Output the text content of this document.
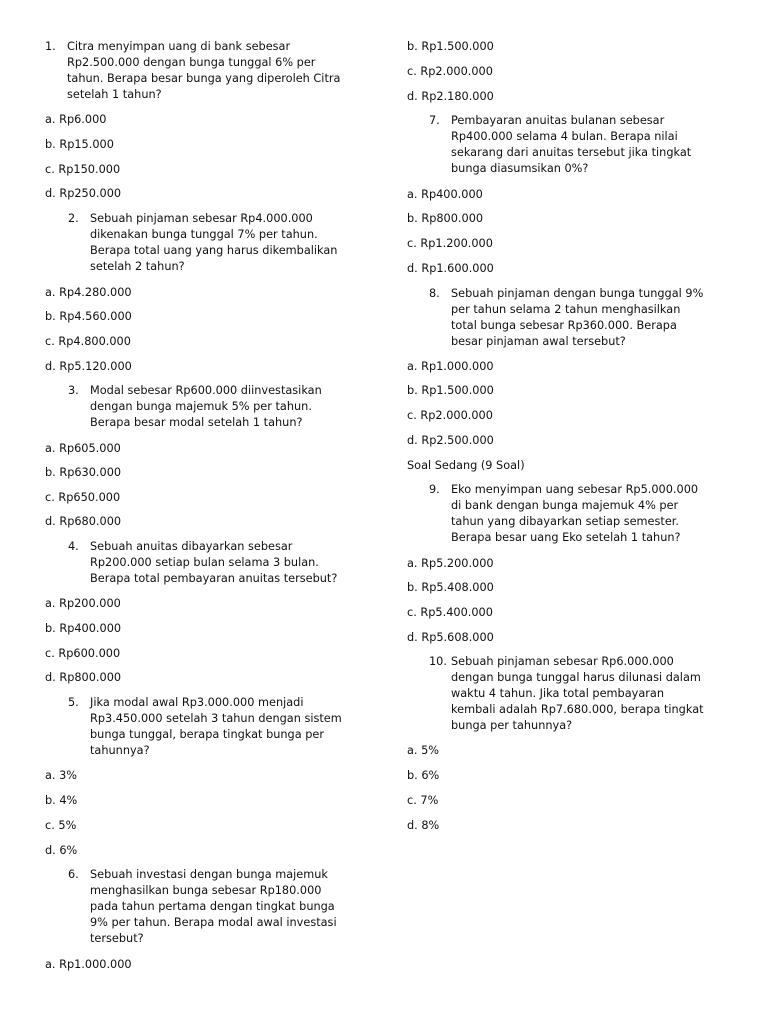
1. Citra menyimpan uang di bank sebesar
Rp2.500.000 dengan bunga tunggal 6% per
tahun. Berapa besar bunga yang diperoleh Citra
setelah 1 tahun?
a. Rp6.000
b. Rp15.000
c. Rp150.000
d. Rp250.000
2. Sebuah pinjaman sebesar Rp4.000.000
dikenakan bunga tunggal 7% per tahun.
Berapa total uang yang harus dikembalikan
setelah 2 tahun?
a. Rp4.280.000
b. Rp4.560.000
c. Rp4.800.000
d. Rp5.120.000
3. Modal sebesar Rp600.000 diinvestasikan
dengan bunga majemuk 5% per tahun.
Berapa besar modal setelah 1 tahun?
a. Rp605.000
b. Rp630.000
c. Rp650.000
d. Rp680.000
4. Sebuah anuitas dibayarkan sebesar
Rp200.000 setiap bulan selama 3 bulan.
Berapa total pembayaran anuitas tersebut?
a. Rp200.000
b. Rp400.000
c. Rp600.000
d. Rp800.000
5. Jika modal awal Rp3.000.000 menjadi
Rp3.450.000 setelah 3 tahun dengan sistem
bunga tunggal, berapa tingkat bunga per
tahunnya?
a. 3%
b. 4%
c. 5%
d. 6%
6. Sebuah investasi dengan bunga majemuk
menghasilkan bunga sebesar Rp180.000
pada tahun pertama dengan tingkat bunga
9% per tahun. Berapa modal awal investasi
tersebut?
a. Rp1.000.000
b. Rp1.500.000
c. Rp2.000.000
d. Rp2.180.000
7. Pembayaran anuitas bulanan sebesar
Rp400.000 selama 4 bulan. Berapa nilai
sekarang dari anuitas tersebut jika tingkat
bunga diasumsikan 0%?
a. Rp400.000
b. Rp800.000
c. Rp1.200.000
d. Rp1.600.000
8. Sebuah pinjaman dengan bunga tunggal 9%
per tahun selama 2 tahun menghasilkan
total bunga sebesar Rp360.000. Berapa
besar pinjaman awal tersebut?
a. Rp1.000.000
b. Rp1.500.000
c. Rp2.000.000
d. Rp2.500.000
Soal Sedang (9 Soal)
9. Eko menyimpan uang sebesar Rp5.000.000
di bank dengan bunga majemuk 4% per
tahun yang dibayarkan setiap semester.
Berapa besar uang Eko setelah 1 tahun?
a. Rp5.200.000
b. Rp5.408.000
c. Rp5.400.000
d. Rp5.608.000
10. Sebuah pinjaman sebesar Rp6.000.000
dengan bunga tunggal harus dilunasi dalam
waktu 4 tahun. Jika total pembayaran
kembali adalah Rp7.680.000, berapa tingkat
bunga per tahunnya?
a. 5%
b. 6%
c. 7%
d. 8%
